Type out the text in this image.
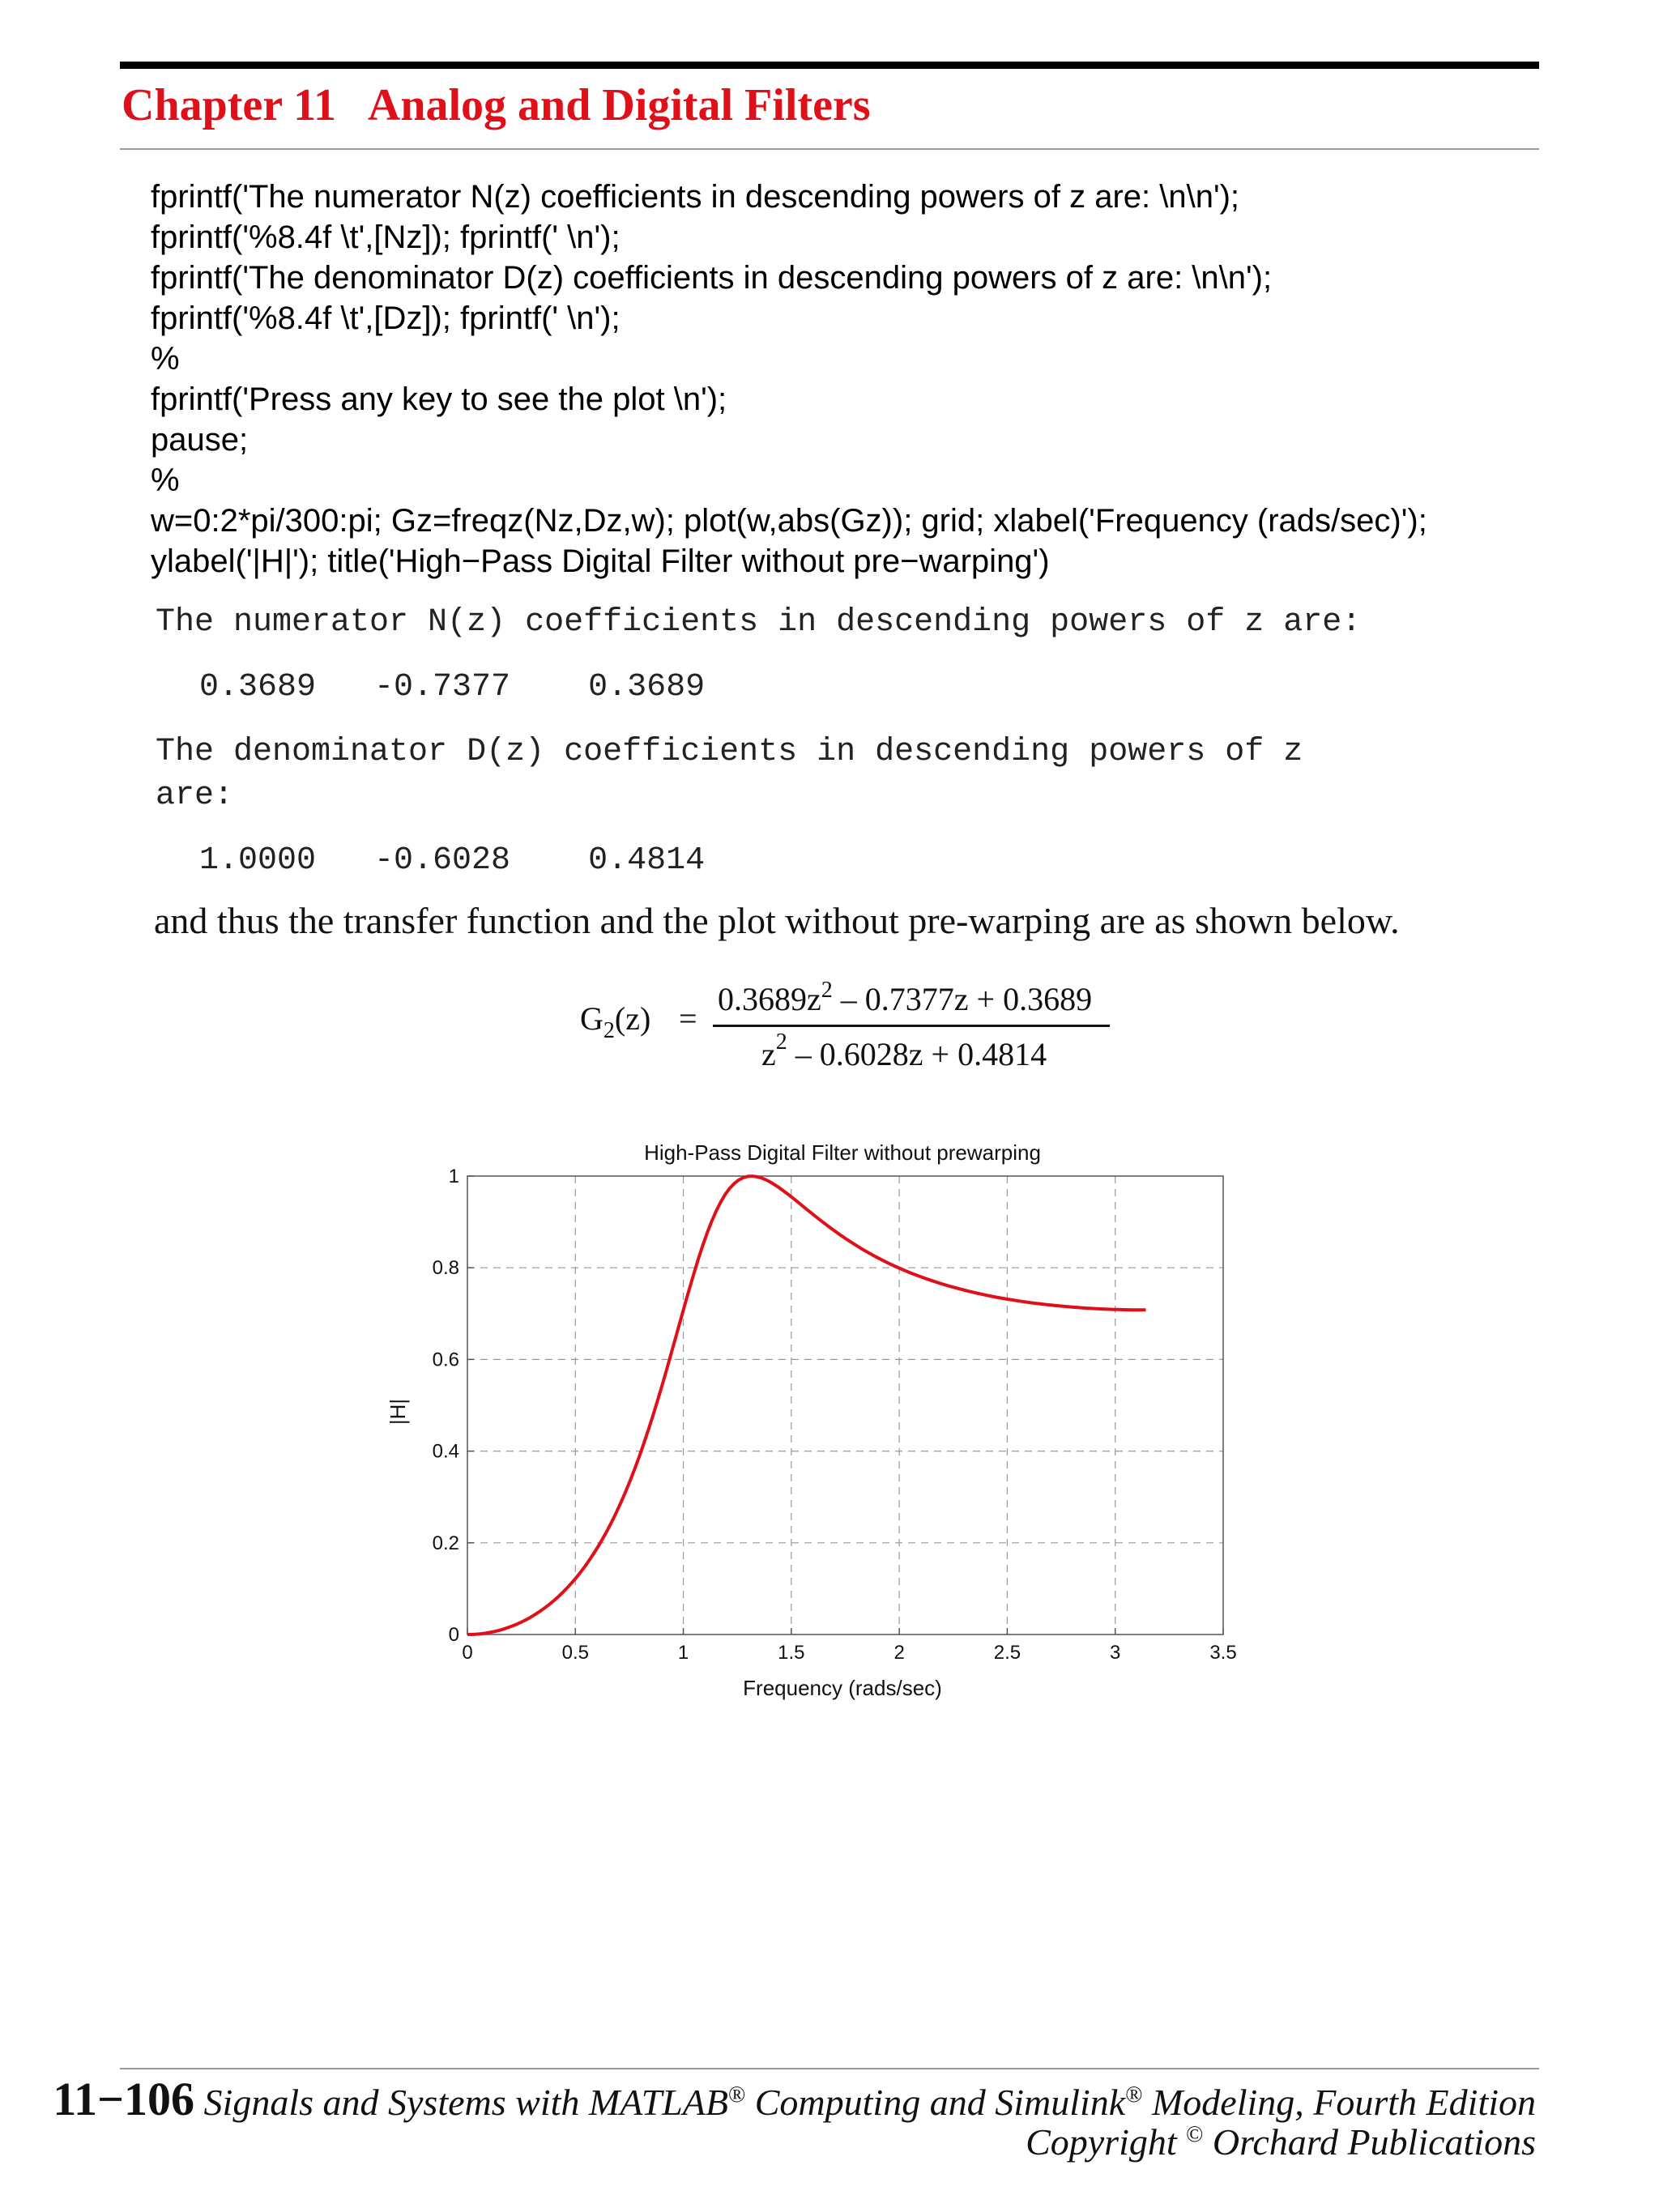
Chapter 11   Analog and Digital Filters
fprintf('The numerator N(z) coefficients in descending powers of z are: \n\n');
fprintf('%8.4f \t',[Nz]); fprintf(' \n');
fprintf('The denominator D(z) coefficients in descending powers of z are: \n\n');
fprintf('%8.4f \t',[Dz]); fprintf(' \n');
%
fprintf('Press any key to see the plot \n');
pause;
%
w=0:2*pi/300:pi; Gz=freqz(Nz,Dz,w); plot(w,abs(Gz)); grid; xlabel('Frequency (rads/sec)');
ylabel('|H|'); title('High−Pass Digital Filter without pre−warping')
The numerator N(z) coefficients in descending powers of z are:
0.3689   -0.7377    0.3689
The denominator D(z) coefficients in descending powers of z
are:
1.0000   -0.6028    0.4814
and thus the transfer function and the plot without pre-warping are as shown below.
$G_2(z)$ =
$0.3689z^2 - 0.7377z + 0.3689$
$z^2 - 0.6028z + 0.4814$
High-Pass Digital Filter without prewarping
0	0.5	1	1.5	2	2.5	3	3.5
0
0.2
0.4
0.6
0.8
1
Frequency (rads/sec)
|H|
11−106 Signals and Systems with MATLAB® Computing and Simulink® Modeling, Fourth Edition
Copyright © Orchard Publications
